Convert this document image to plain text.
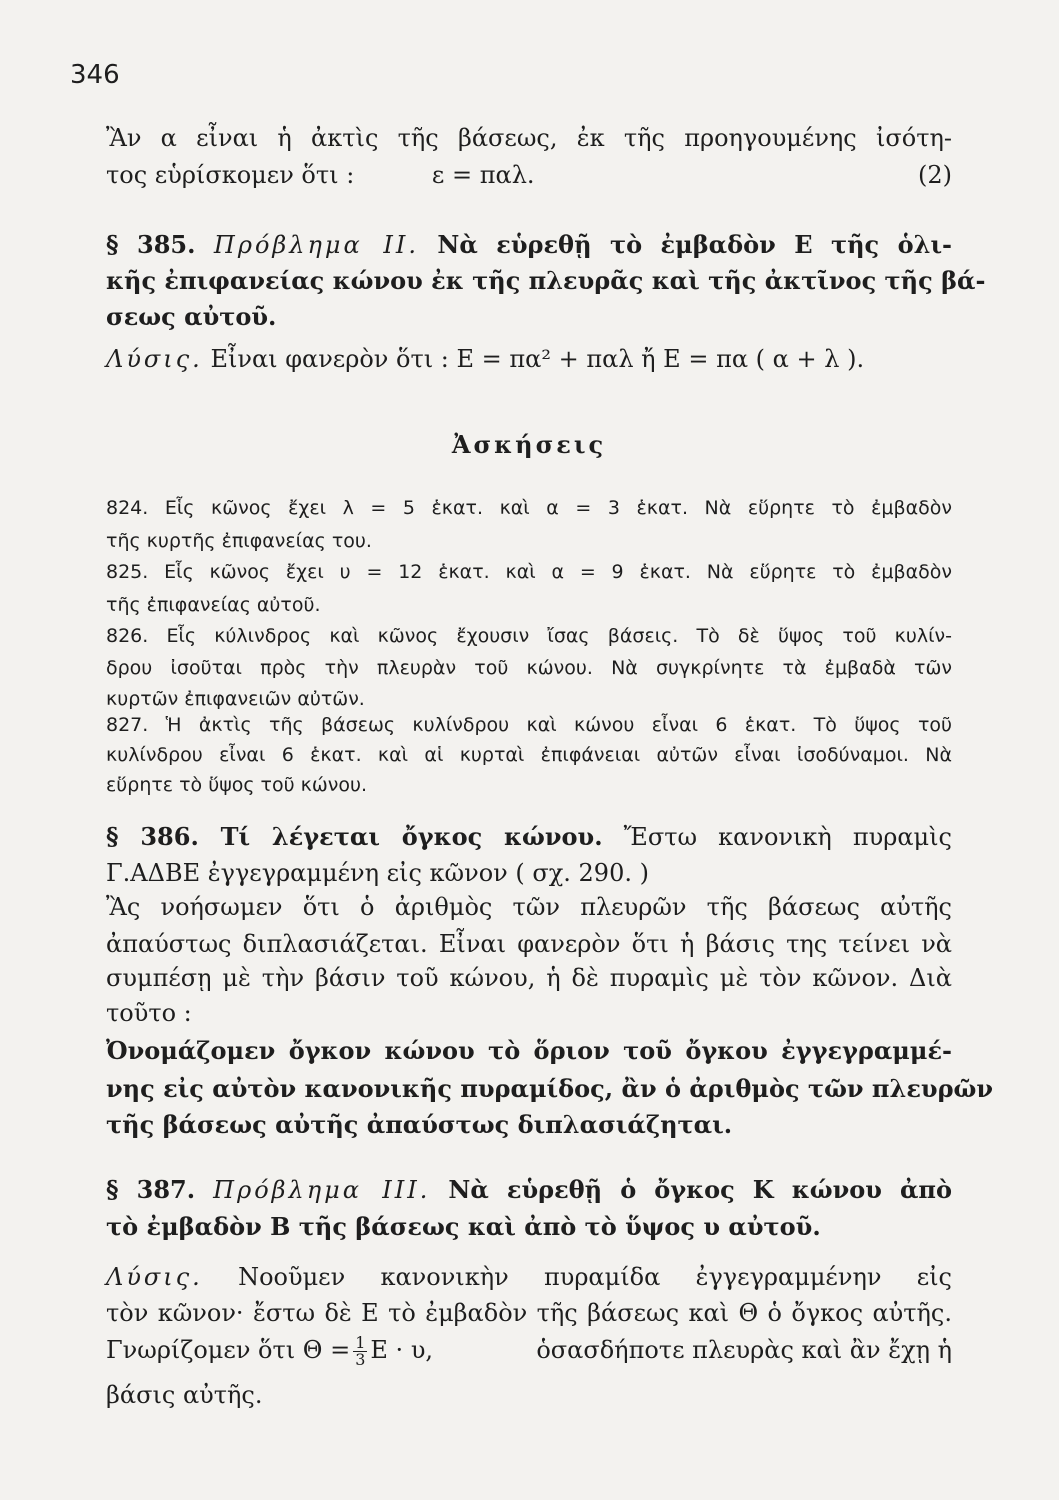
346
Ἂν α εἶναι ἡ ἀκτὶς τῆς βάσεως, ἐκ τῆς προηγουμένης ἰσότη-
τος εὑρίσκομεν ὅτι :	ε = παλ.	(2)
§ 385. Πρόβλημα ΙΙ. Νὰ εὑρεθῇ τὸ ἐμβαδὸν Ε τῆς ὁλι-
κῆς ἐπιφανείας κώνου ἐκ τῆς πλευρᾶς καὶ τῆς ἀκτῖνος τῆς βά-
σεως αὐτοῦ.
Λύσις. Εἶναι φανερὸν ὅτι : Ε = πα² + παλ ἤ Ε = πα ( α + λ ).
Ἀσκήσεις
824. Εἷς κῶνος ἔχει λ = 5 ἑκατ. καὶ α = 3 ἑκατ. Νὰ εὕρητε τὸ ἐμβαδὸν
τῆς κυρτῆς ἐπιφανείας του.
825. Εἷς κῶνος ἔχει υ = 12 ἑκατ. καὶ α = 9 ἑκατ. Νὰ εὕρητε τὸ ἐμβαδὸν
τῆς ἐπιφανείας αὐτοῦ.
826. Εἷς κύλινδρος καὶ κῶνος ἔχουσιν ἴσας βάσεις. Τὸ δὲ ὕψος τοῦ κυλίν-
δρου ἰσοῦται πρὸς τὴν πλευρὰν τοῦ κώνου. Νὰ συγκρίνητε τὰ ἐμβαδὰ τῶν
κυρτῶν ἐπιφανειῶν αὐτῶν.
827. Ἡ ἀκτὶς τῆς βάσεως κυλίνδρου καὶ κώνου εἶναι 6 ἑκατ. Τὸ ὕψος τοῦ
κυλίνδρου εἶναι 6 ἑκατ. καὶ αἱ κυρταὶ ἐπιφάνειαι αὐτῶν εἶναι ἰσοδύναμοι. Νὰ
εὕρητε τὸ ὕψος τοῦ κώνου.
§ 386. Τί λέγεται ὄγκος κώνου. Ἔστω κανονικὴ πυραμὶς
Γ.ΑΔΒΕ ἐγγεγραμμένη εἰς κῶνον ( σχ. 290. )
Ἂς νοήσωμεν ὅτι ὁ ἀριθμὸς τῶν πλευρῶν τῆς βάσεως αὐτῆς
ἀπαύστως διπλασιάζεται. Εἶναι φανερὸν ὅτι ἡ βάσις της τείνει νὰ
συμπέσῃ μὲ τὴν βάσιν τοῦ κώνου, ἡ δὲ πυραμὶς μὲ τὸν κῶνον. Διὰ
τοῦτο :
Ὀνομάζομεν ὄγκον κώνου τὸ ὅριον τοῦ ὄγκου ἐγγεγραμμέ-
νης εἰς αὐτὸν κανονικῆς πυραμίδος, ἂν ὁ ἀριθμὸς τῶν πλευρῶν
τῆς βάσεως αὐτῆς ἀπαύστως διπλασιάζηται.
§ 387. Πρόβλημα ΙΙΙ. Νὰ εὑρεθῇ ὁ ὄγκος Κ κώνου ἀπὸ
τὸ ἐμβαδὸν Β τῆς βάσεως καὶ ἀπὸ τὸ ὕψος υ αὐτοῦ.
Λύσις. Νοοῦμεν κανονικὴν πυραμίδα ἐγγεγραμμένην εἰς
τὸν κῶνον· ἔστω δὲ Ε τὸ ἐμβαδὸν τῆς βάσεως καὶ Θ ὁ ὄγκος αὐτῆς.
Γνωρίζομεν ὅτι $\Theta = \frac{1}{3}$ Ε · υ,	ὁσασδήποτε πλευρὰς καὶ ἂν ἔχῃ ἡ
βάσις αὐτῆς.
